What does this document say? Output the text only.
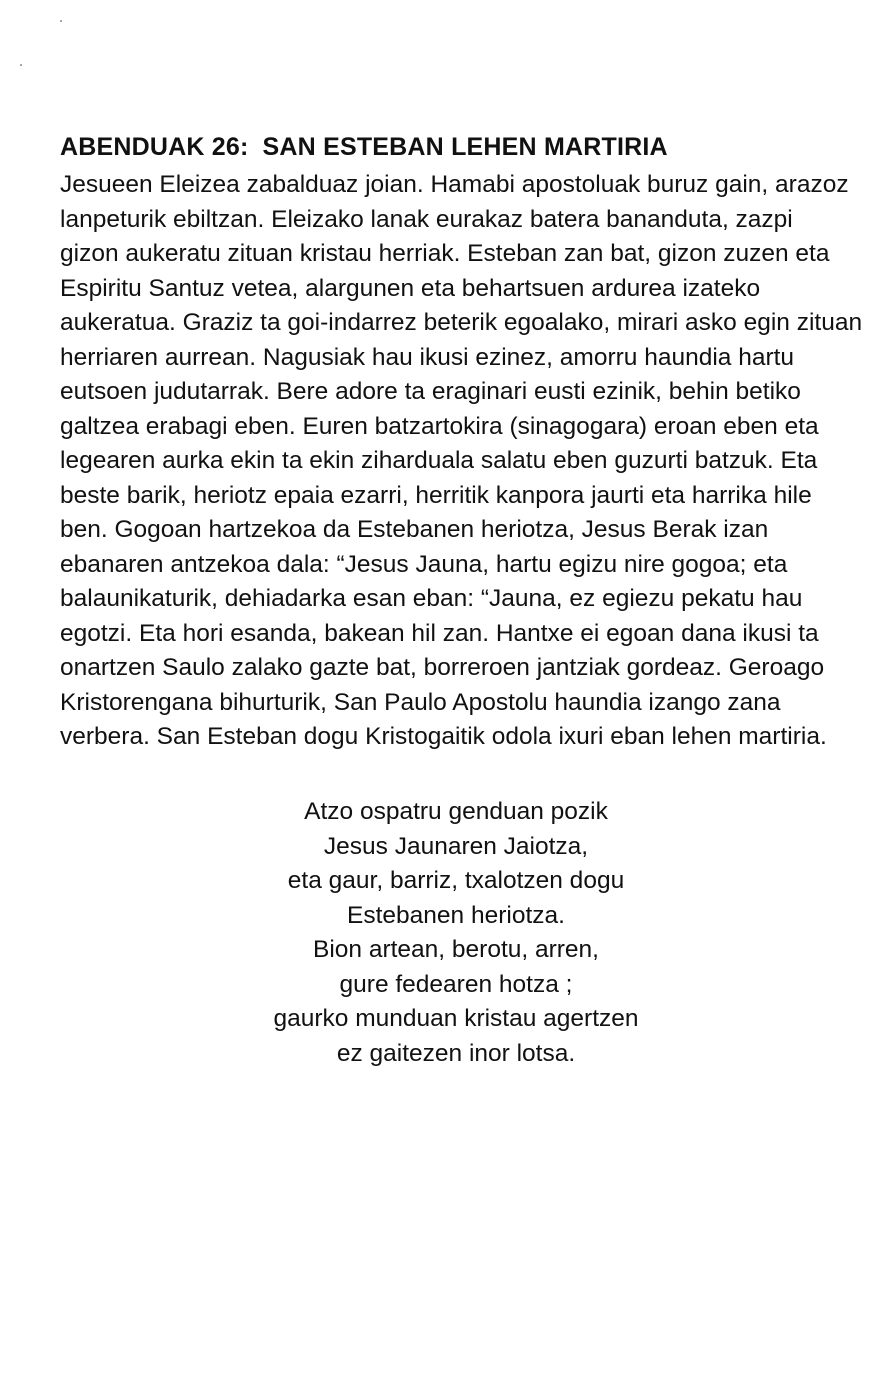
ABENDUAK 26: SAN ESTEBAN LEHEN MARTIRIA
Jesueen Eleizea zabalduaz joian. Hamabi apostoluak buruz gain, arazoz
lanpeturik ebiltzan. Eleizako lanak eurakaz batera bananduta, zazpi
gizon aukeratu zituan kristau herriak. Esteban zan bat, gizon zuzen eta
Espiritu Santuz vetea, alargunen eta behartsuen ardurea izateko
aukeratua. Graziz ta goi-indarrez beterik egoalako, mirari asko egin zituan
herriaren aurrean. Nagusiak hau ikusi ezinez, amorru haundia hartu
eutsoen judutarrak. Bere adore ta eraginari eusti ezinik, behin betiko
galtzea erabagi eben. Euren batzartokira (sinagogara) eroan eben eta
legearen aurka ekin ta ekin ziharduala salatu eben guzurti batzuk. Eta
beste barik, heriotz epaia ezarri, herritik kanpora jaurti eta harrika hile
ben. Gogoan hartzekoa da Estebanen heriotza, Jesus Berak izan
ebanaren antzekoa dala: “Jesus Jauna, hartu egizu nire gogoa; eta
balaunikaturik, dehiadarka esan eban: “Jauna, ez egiezu pekatu hau
egotzi. Eta hori esanda, bakean hil zan. Hantxe ei egoan dana ikusi ta
onartzen Saulo zalako gazte bat, borreroen jantziak gordeaz. Geroago
Kristorengana bihurturik, San Paulo Apostolu haundia izango zana
verbera. San Esteban dogu Kristogaitik odola ixuri eban lehen martiria.
Atzo ospatru genduan pozik
Jesus Jaunaren Jaiotza,
eta gaur, barriz, txalotzen dogu
Estebanen heriotza.
Bion artean, berotu, arren,
gure fedearen hotza ;
gaurko munduan kristau agertzen
ez gaitezen inor lotsa.
